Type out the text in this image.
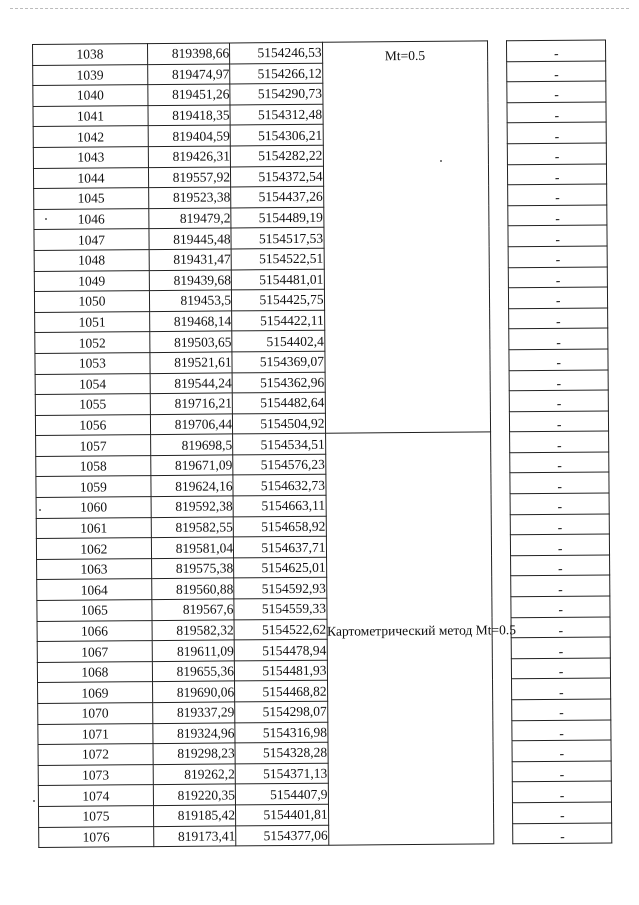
1038	819398,66	5154246,53	Mt=0.5		-
1039	819474,97	5154266,12			-
1040	819451,26	5154290,73			-
1041	819418,35	5154312,48			-
1042	819404,59	5154306,21			-
1043	819426,31	5154282,22			-
1044	819557,92	5154372,54			-
1045	819523,38	5154437,26			-
1046	819479,2	5154489,19			-
1047	819445,48	5154517,53			-
1048	819431,47	5154522,51			-
1049	819439,68	5154481,01			-
1050	819453,5	5154425,75			-
1051	819468,14	5154422,11			-
1052	819503,65	5154402,4			-
1053	819521,61	5154369,07			-
1054	819544,24	5154362,96			-
1055	819716,21	5154482,64			-
1056	819706,44	5154504,92			-
1057	819698,5	5154534,51	Картометрический метод Mt=0.5		-
1058	819671,09	5154576,23			-
1059	819624,16	5154632,73			-
1060	819592,38	5154663,11			-
1061	819582,55	5154658,92			-
1062	819581,04	5154637,71			-
1063	819575,38	5154625,01			-
1064	819560,88	5154592,93			-
1065	819567,6	5154559,33			-
1066	819582,32	5154522,62			-
1067	819611,09	5154478,94			-
1068	819655,36	5154481,93			-
1069	819690,06	5154468,82			-
1070	819337,29	5154298,07			-
1071	819324,96	5154316,98			-
1072	819298,23	5154328,28			-
1073	819262,2	5154371,13			-
1074	819220,35	5154407,9			-
1075	819185,42	5154401,81			-
1076	819173,41	5154377,06			-
